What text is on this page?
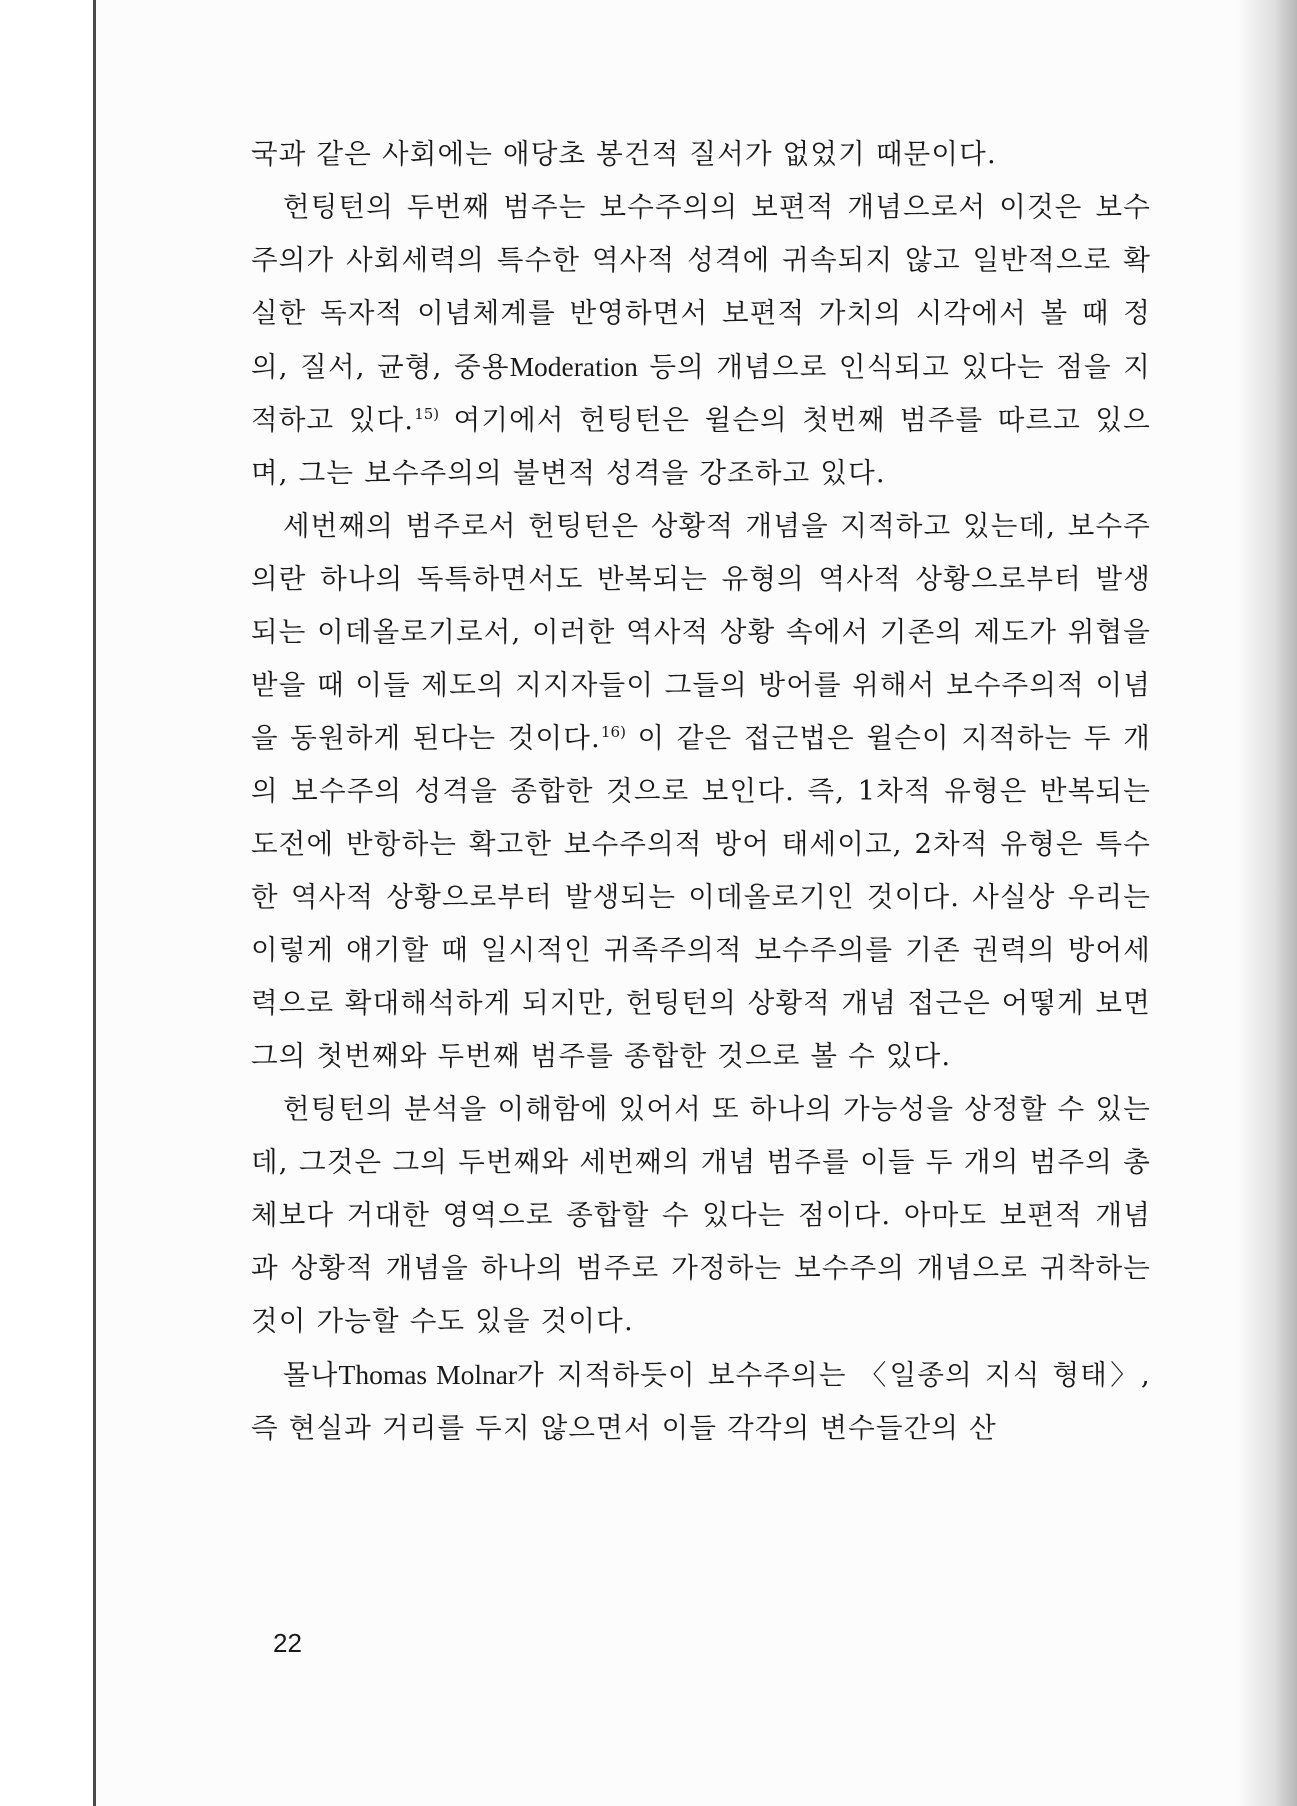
국과 같은 사회에는 애당초 봉건적 질서가 없었기 때문이다.

헌팅턴의 두번째 범주는 보수주의의 보편적 개념으로서 이것은 보수주의가 사회세력의 특수한 역사적 성격에 귀속되지 않고 일반적으로 확실한 독자적 이념체계를 반영하면서 보편적 가치의 시각에서 볼 때 정의, 질서, 균형, 중용Moderation 등의 개념으로 인식되고 있다는 점을 지적하고 있다.$^{15)}$ 여기에서 헌팅턴은 윌슨의 첫번째 범주를 따르고 있으며, 그는 보수주의의 불변적 성격을 강조하고 있다.

세번째의 범주로서 헌팅턴은 상황적 개념을 지적하고 있는데, 보수주의란 하나의 독특하면서도 반복되는 유형의 역사적 상황으로부터 발생되는 이데올로기로서, 이러한 역사적 상황 속에서 기존의 제도가 위협을 받을 때 이들 제도의 지지자들이 그들의 방어를 위해서 보수주의적 이념을 동원하게 된다는 것이다.$^{16)}$ 이 같은 접근법은 윌슨이 지적하는 두 개의 보수주의 성격을 종합한 것으로 보인다. 즉, 1차적 유형은 반복되는 도전에 반항하는 확고한 보수주의적 방어 태세이고, 2차적 유형은 특수한 역사적 상황으로부터 발생되는 이데올로기인 것이다. 사실상 우리는 이렇게 얘기할 때 일시적인 귀족주의적 보수주의를 기존 권력의 방어세력으로 확대해석하게 되지만, 헌팅턴의 상황적 개념 접근은 어떻게 보면 그의 첫번째와 두번째 범주를 종합한 것으로 볼 수 있다.

헌팅턴의 분석을 이해함에 있어서 또 하나의 가능성을 상정할 수 있는데, 그것은 그의 두번째와 세번째의 개념 범주를 이들 두 개의 범주의 총체보다 거대한 영역으로 종합할 수 있다는 점이다. 아마도 보편적 개념과 상황적 개념을 하나의 범주로 가정하는 보수주의 개념으로 귀착하는 것이 가능할 수도 있을 것이다.

몰나Thomas Molnar가 지적하듯이 보수주의는 〈일종의 지식 형태〉, 즉 현실과 거리를 두지 않으면서 이들 각각의 변수들간의 산

22
